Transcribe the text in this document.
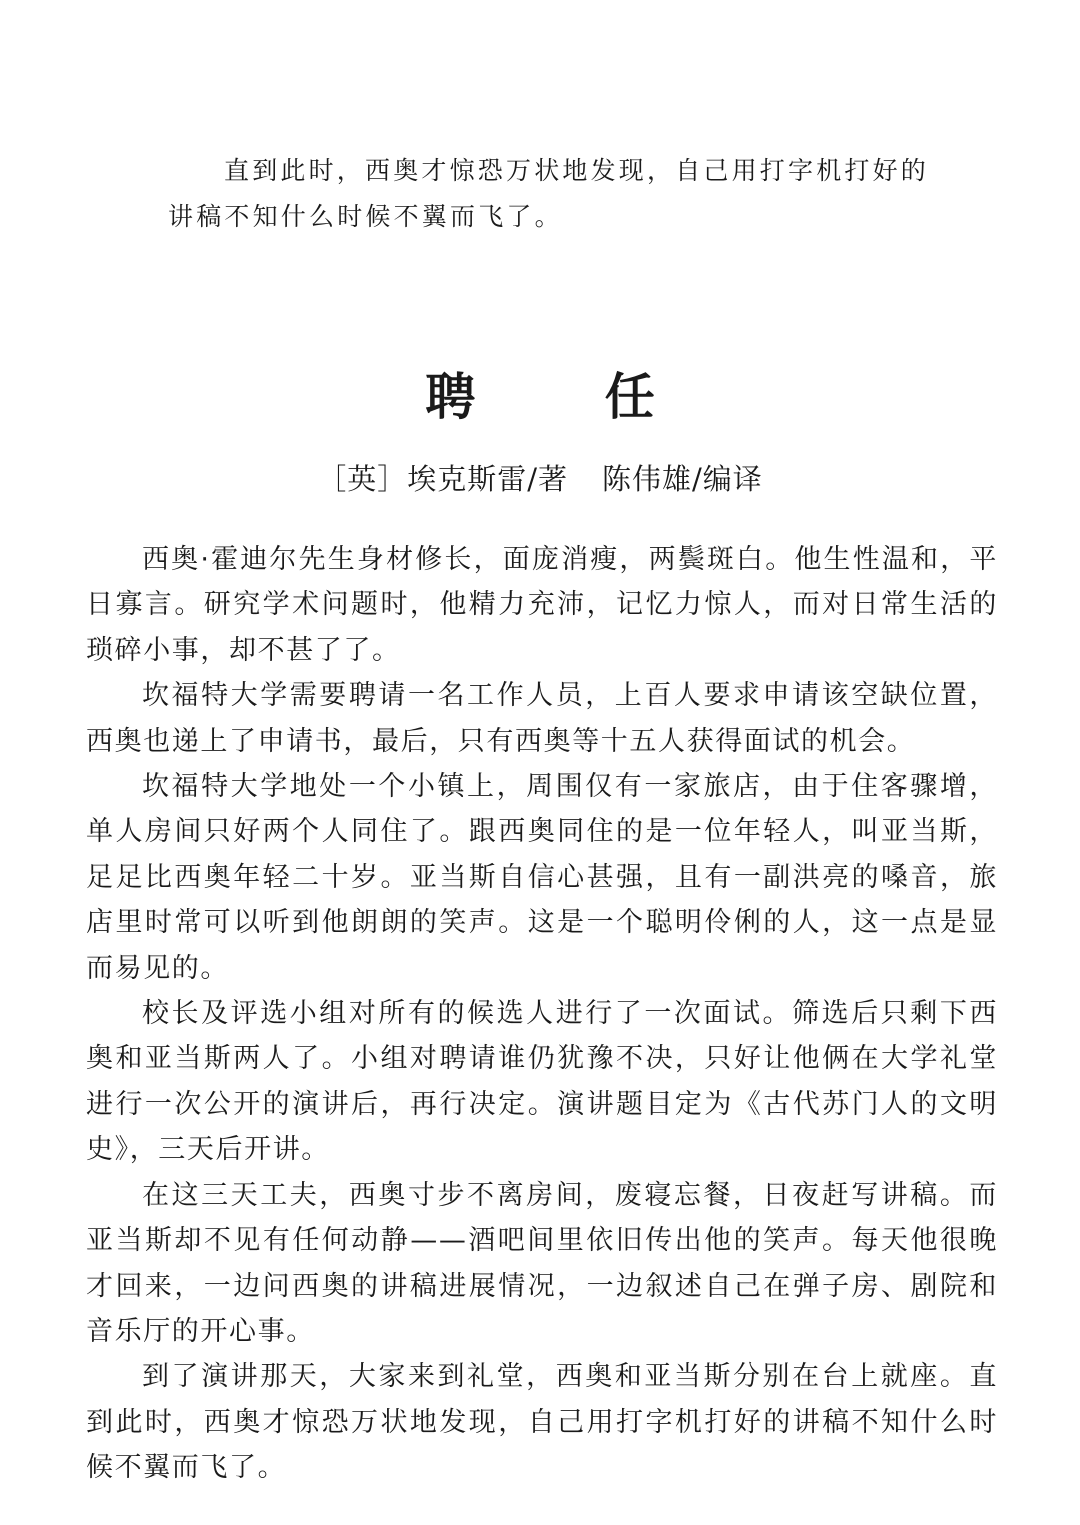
直到此时，西奥才惊恐万状地发现，自己用打字机打好的
讲稿不知什么时候不翼而飞了。
聘 任
［英］埃克斯雷/著 陈伟雄/编译

西奥·霍迪尔先生身材修长，面庞消瘦，两鬓斑白。他生性温和，平日寡言。研究学术问题时，他精力充沛，记忆力惊人，而对日常生活的琐碎小事，却不甚了了。

坎福特大学需要聘请一名工作人员，上百人要求申请该空缺位置，西奥也递上了申请书，最后，只有西奥等十五人获得面试的机会。

坎福特大学地处一个小镇上，周围仅有一家旅店，由于住客骤增，单人房间只好两个人同住了。跟西奥同住的是一位年轻人，叫亚当斯，足足比西奥年轻二十岁。亚当斯自信心甚强，且有一副洪亮的嗓音，旅店里时常可以听到他朗朗的笑声。这是一个聪明伶俐的人，这一点是显而易见的。

校长及评选小组对所有的候选人进行了一次面试。筛选后只剩下西奥和亚当斯两人了。小组对聘请谁仍犹豫不决，只好让他俩在大学礼堂进行一次公开的演讲后，再行决定。演讲题目定为《古代苏门人的文明史》，三天后开讲。

在这三天工夫，西奥寸步不离房间，废寝忘餐，日夜赶写讲稿。而亚当斯却不见有任何动静——酒吧间里依旧传出他的笑声。每天他很晚才回来，一边问西奥的讲稿进展情况，一边叙述自己在弹子房、剧院和音乐厅的开心事。

到了演讲那天，大家来到礼堂，西奥和亚当斯分别在台上就座。直到此时，西奥才惊恐万状地发现，自己用打字机打好的讲稿不知什么时候不翼而飞了。
